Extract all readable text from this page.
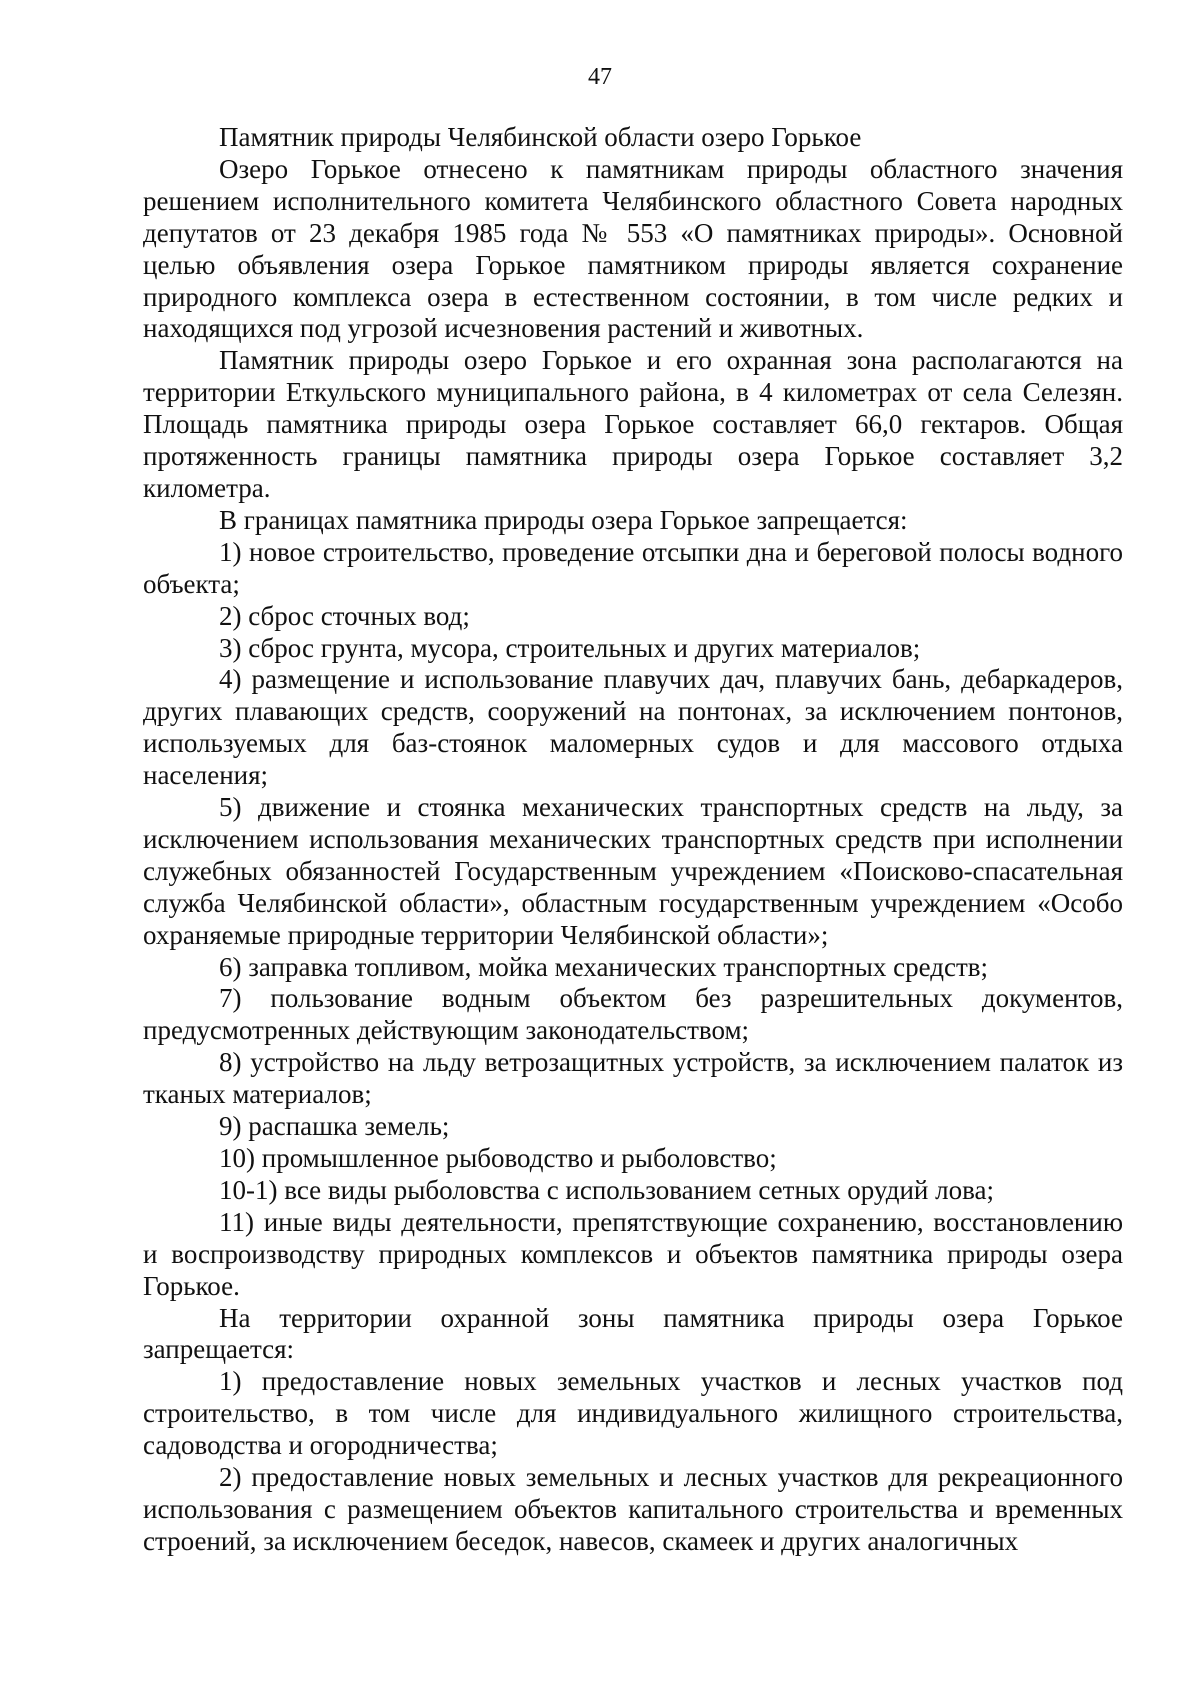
47

Памятник природы Челябинской области озеро Горькое

Озеро Горькое отнесено к памятникам природы областного значения решением исполнительного комитета Челябинского областного Совета народных депутатов от 23 декабря 1985 года № 553 «О памятниках природы». Основной целью объявления озера Горькое памятником природы является сохранение природного комплекса озера в естественном состоянии, в том числе редких и находящихся под угрозой исчезновения растений и животных.

Памятник природы озеро Горькое и его охранная зона располагаются на территории Еткульского муниципального района, в 4 километрах от села Селезян. Площадь памятника природы озера Горькое составляет 66,0 гектаров. Общая протяженность границы памятника природы озера Горькое составляет 3,2 километра.

В границах памятника природы озера Горькое запрещается:

1) новое строительство, проведение отсыпки дна и береговой полосы водного объекта;

2) сброс сточных вод;

3) сброс грунта, мусора, строительных и других материалов;

4) размещение и использование плавучих дач, плавучих бань, дебаркадеров, других плавающих средств, сооружений на понтонах, за исключением понтонов, используемых для баз-стоянок маломерных судов и для массового отдыха населения;

5) движение и стоянка механических транспортных средств на льду, за исключением использования механических транспортных средств при исполнении служебных обязанностей Государственным учреждением «Поисково-спасательная служба Челябинской области», областным государственным учреждением «Особо охраняемые природные территории Челябинской области»;

6) заправка топливом, мойка механических транспортных средств;

7) пользование водным объектом без разрешительных документов, предусмотренных действующим законодательством;

8) устройство на льду ветрозащитных устройств, за исключением палаток из тканых материалов;

9) распашка земель;

10) промышленное рыбоводство и рыболовство;

10-1) все виды рыболовства с использованием сетных орудий лова;

11) иные виды деятельности, препятствующие сохранению, восстановлению и воспроизводству природных комплексов и объектов памятника природы озера Горькое.

На территории охранной зоны памятника природы озера Горькое запрещается:

1) предоставление новых земельных участков и лесных участков под строительство, в том числе для индивидуального жилищного строительства, садоводства и огородничества;

2) предоставление новых земельных и лесных участков для рекреационного использования с размещением объектов капитального строительства и временных строений, за исключением беседок, навесов, скамеек и других аналогичных
